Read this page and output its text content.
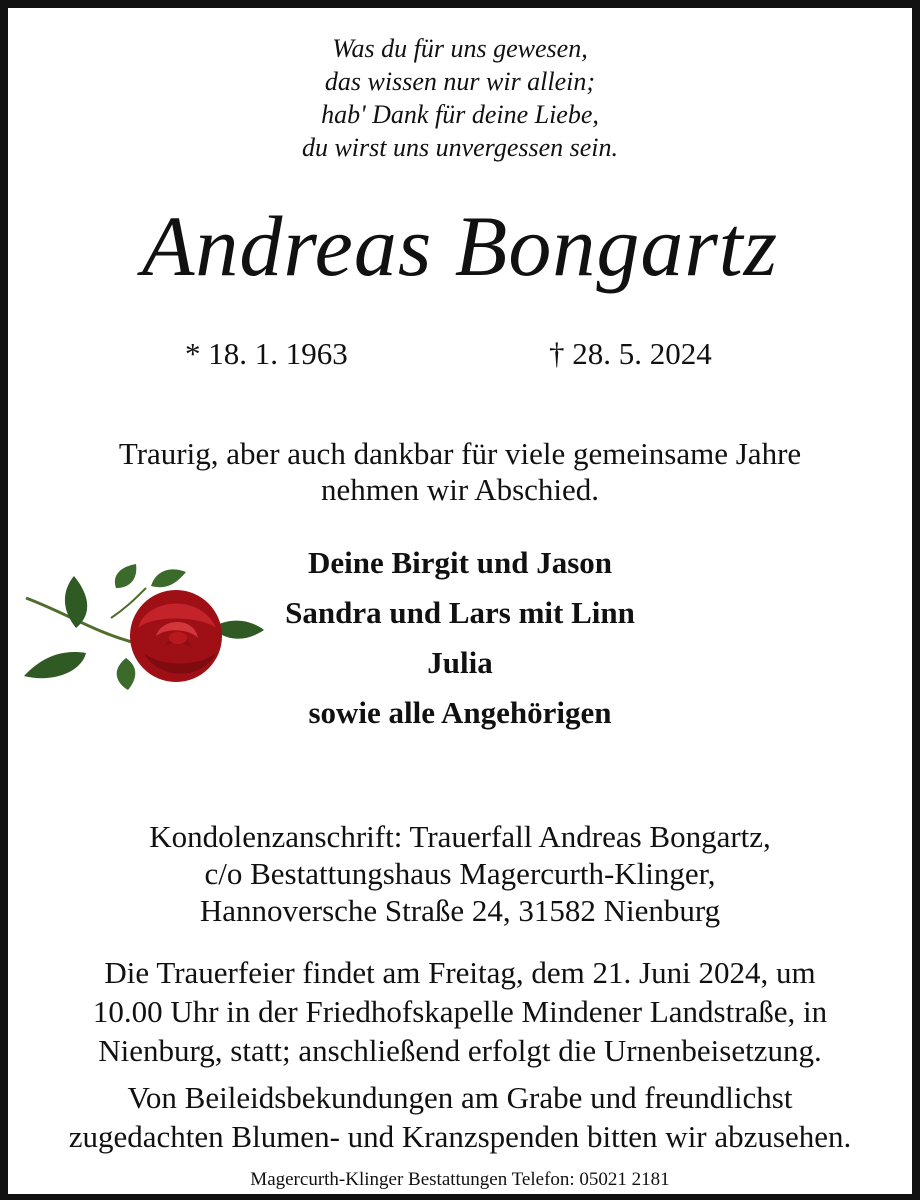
Was du für uns gewesen,
das wissen nur wir allein;
hab' Dank für deine Liebe,
du wirst uns unvergessen sein.
Andreas Bongartz
* 18. 1. 1963	† 28. 5. 2024
Traurig, aber auch dankbar für viele gemeinsame Jahre
nehmen wir Abschied.
Deine Birgit und Jason
Sandra und Lars mit Linn
Julia
sowie alle Angehörigen
Kondolenzanschrift: Trauerfall Andreas Bongartz,
c/o Bestattungshaus Magercurth-Klinger,
Hannoversche Straße 24, 31582 Nienburg
Die Trauerfeier findet am Freitag, dem 21. Juni 2024, um
10.00 Uhr in der Friedhofskapelle Mindener Landstraße, in
Nienburg, statt; anschließend erfolgt die Urnenbeisetzung.
Von Beileidsbekundungen am Grabe und freundlichst
zugedachten Blumen- und Kranzspenden bitten wir abzusehen.
Magercurth-Klinger Bestattungen Telefon: 05021 2181
